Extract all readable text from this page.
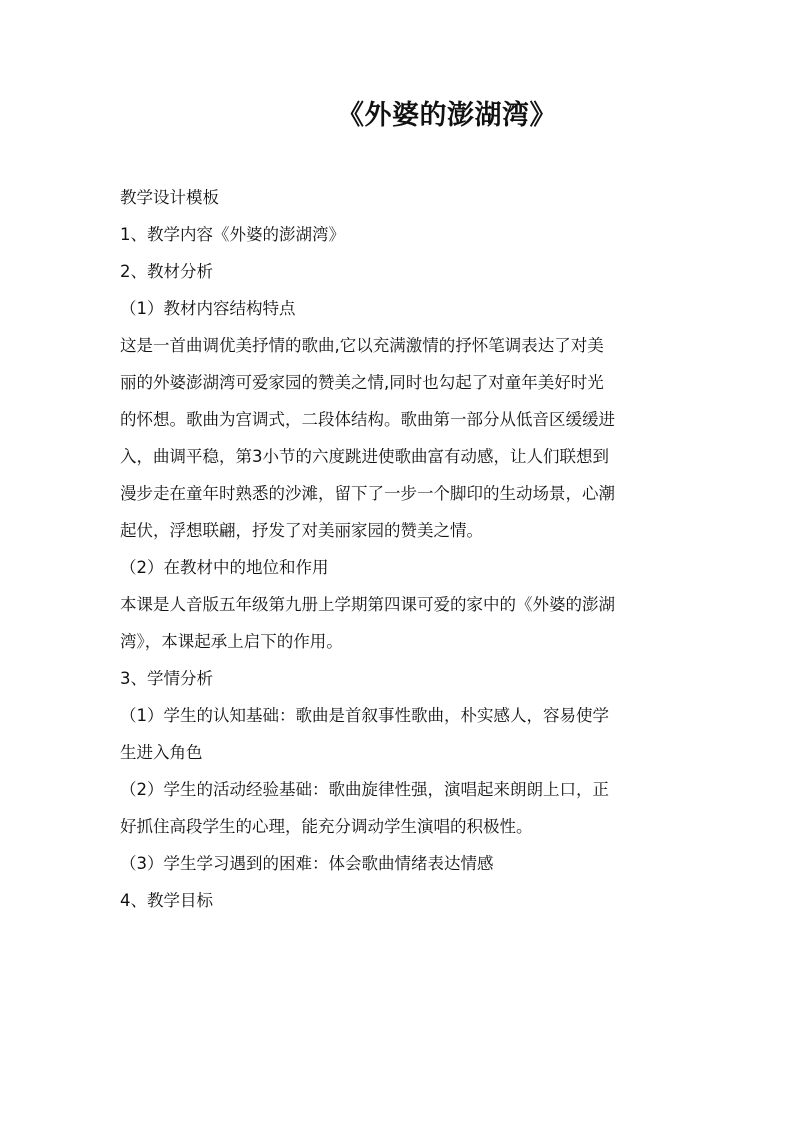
《外婆的澎湖湾》
教学设计模板
1、教学内容《外婆的澎湖湾》
2、教材分析
（1）教材内容结构特点
这是一首曲调优美抒情的歌曲,它以充满激情的抒怀笔调表达了对美
丽的外婆澎湖湾可爱家园的赞美之情,同时也勾起了对童年美好时光
的怀想。歌曲为宫调式，二段体结构。歌曲第一部分从低音区缓缓进
入，曲调平稳，第3小节的六度跳进使歌曲富有动感，让人们联想到
漫步走在童年时熟悉的沙滩，留下了一步一个脚印的生动场景，心潮
起伏，浮想联翩，抒发了对美丽家园的赞美之情。
（2）在教材中的地位和作用
本课是人音版五年级第九册上学期第四课可爱的家中的《外婆的澎湖
湾》，本课起承上启下的作用。
3、学情分析
（1）学生的认知基础：歌曲是首叙事性歌曲，朴实感人，容易使学
生进入角色
（2）学生的活动经验基础：歌曲旋律性强，演唱起来朗朗上口，正
好抓住高段学生的心理，能充分调动学生演唱的积极性。
（3）学生学习遇到的困难：体会歌曲情绪表达情感
4、教学目标
